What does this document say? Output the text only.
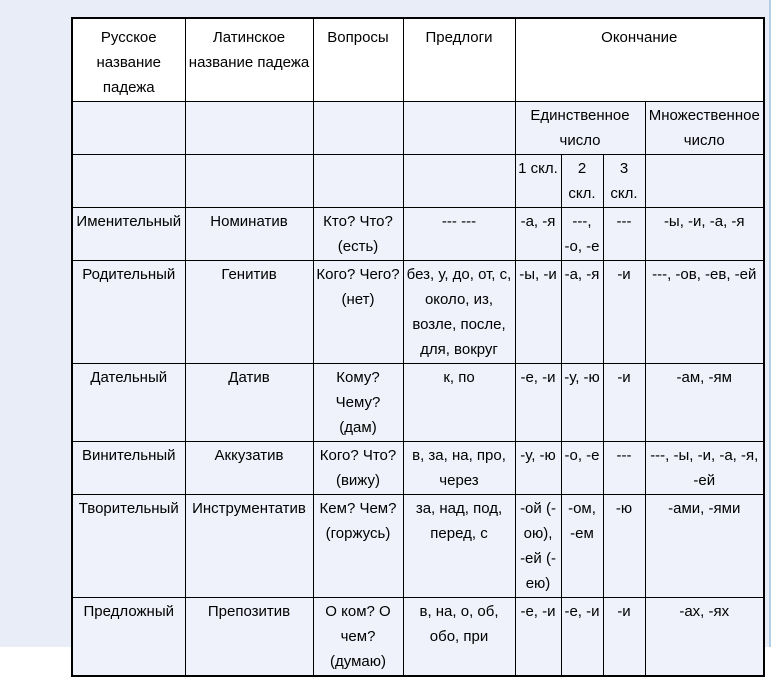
Русское название падежа	Латинское название падежа	Вопросы	Предлоги	Окончание			
				Единственное число			Множественное число
				1 скл.	2 скл.	3 скл.	
Именительный	Номинатив	Кто? Что? (есть)	--- ---	-а, -я	---, -о, -е	---	-ы, -и, -а, -я
Родительный	Генитив	Кого? Чего? (нет)	без, у, до, от, с, около, из, возле, после, для, вокруг	-ы, -и	-а, -я	-и	---, -ов, -ев, -ей
Дательный	Датив	Кому? Чему? (дам)	к, по	-е, -и	-у, -ю	-и	-ам, -ям
Винительный	Аккузатив	Кого? Что? (вижу)	в, за, на, про, через	-у, -ю	-о, -е	---	---, -ы, -и, -а, -я, -ей
Творительный	Инструментатив	Кем? Чем? (горжусь)	за, над, под, перед, с	-ой (-ою), -ей (-ею)	-ом, -ем	-ю	-ами, -ями
Предложный	Препозитив	О ком? О чем? (думаю)	в, на, о, об, обо, при	-е, -и	-е, -и	-и	-ах, -ях
